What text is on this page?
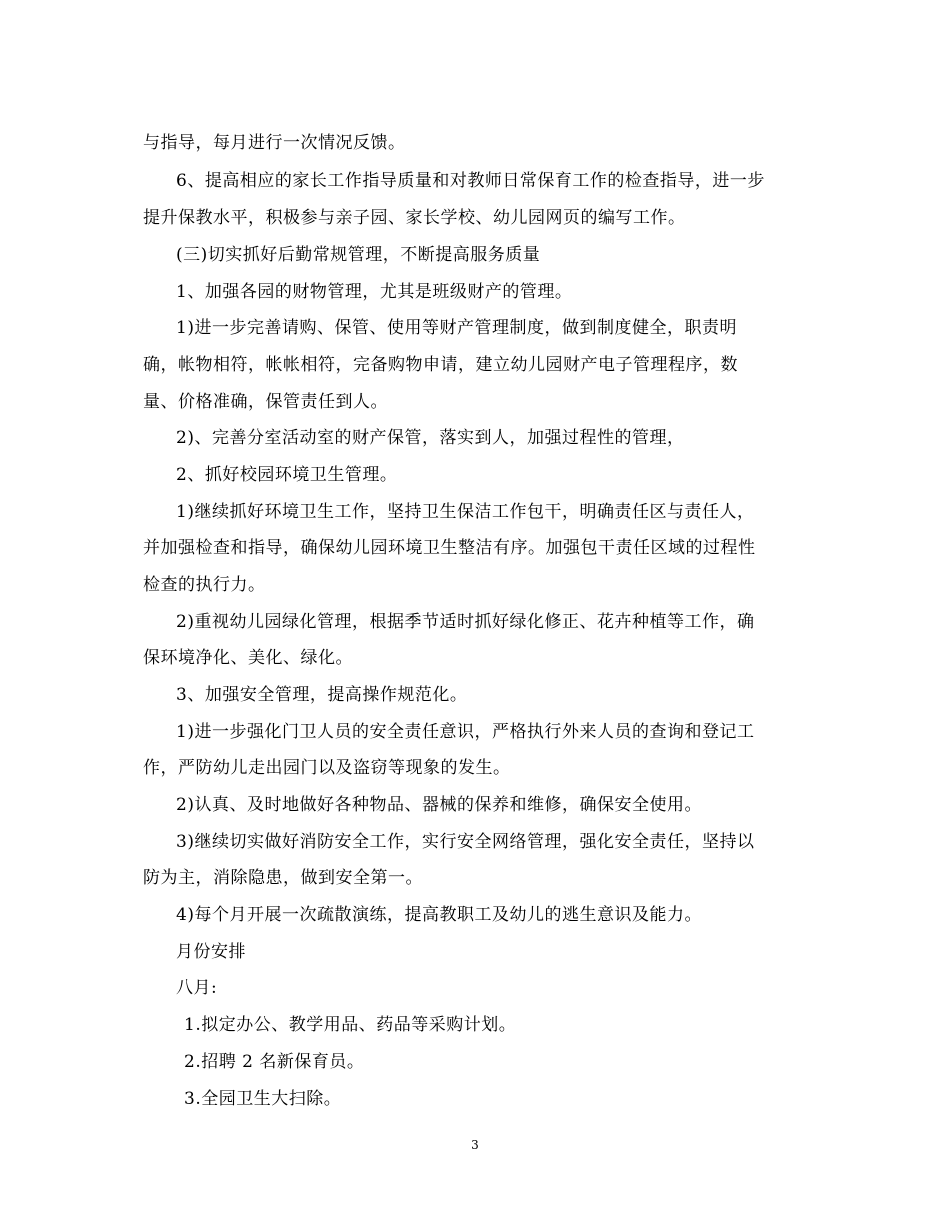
与指导，每月进行一次情况反馈。
6、提高相应的家长工作指导质量和对教师日常保育工作的检查指导，进一步
提升保教水平，积极参与亲子园、家长学校、幼儿园网页的编写工作。
(三)切实抓好后勤常规管理，不断提高服务质量
1、加强各园的财物管理，尤其是班级财产的管理。
1)进一步完善请购、保管、使用等财产管理制度，做到制度健全，职责明
确，帐物相符，帐帐相符，完备购物申请，建立幼儿园财产电子管理程序，数
量、价格准确，保管责任到人。
2)、完善分室活动室的财产保管，落实到人，加强过程性的管理，
2、抓好校园环境卫生管理。
1)继续抓好环境卫生工作，坚持卫生保洁工作包干，明确责任区与责任人，
并加强检查和指导，确保幼儿园环境卫生整洁有序。加强包干责任区域的过程性
检查的执行力。
2)重视幼儿园绿化管理，根据季节适时抓好绿化修正、花卉种植等工作，确
保环境净化、美化、绿化。
3、加强安全管理，提高操作规范化。
1)进一步强化门卫人员的安全责任意识，严格执行外来人员的查询和登记工
作，严防幼儿走出园门以及盗窃等现象的发生。
2)认真、及时地做好各种物品、器械的保养和维修，确保安全使用。
3)继续切实做好消防安全工作，实行安全网络管理，强化安全责任，坚持以
防为主，消除隐患，做到安全第一。
4)每个月开展一次疏散演练，提高教职工及幼儿的逃生意识及能力。
月份安排
八月:
1.拟定办公、教学用品、药品等采购计划。
2.招聘 2 名新保育员。
3.全园卫生大扫除。
3
